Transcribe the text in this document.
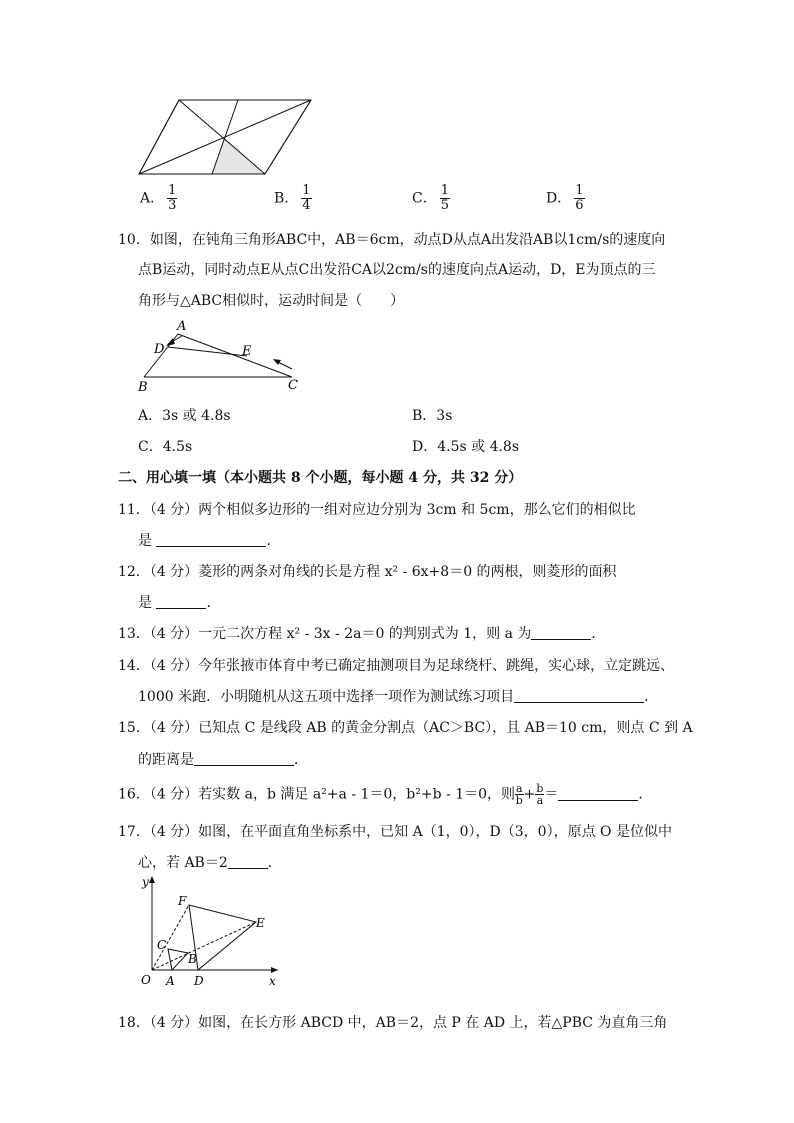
A． $\frac{1}{3}$	B． $\frac{1}{4}$	C． $\frac{1}{5}$	D． $\frac{1}{6}$
10．如图，在钝角三角形ABC中，AB＝6cm，动点D从点A出发沿AB以1cm/s的速度向
点B运动，同时动点E从点C出发沿CA以2cm/s的速度向点A运动，D，E为顶点的三
角形与△ABC相似时，运动时间是（　　）
A
D	E
B	C
A．3s 或 4.8s	B．3s
C．4.5s	D．4.5s 或 4.8s
二、用心填一填（本小题共 8 个小题，每小题 4 分，共 32 分）
11．（4 分）两个相似多边形的一组对应边分别为 3cm 和 5cm，那么它们的相似比
是	．
12．（4 分）菱形的两条对角线的长是方程 x² - 6x+8＝0 的两根，则菱形的面积
是	．
13．（4 分）一元二次方程 x² - 3x - 2a＝0 的判别式为 1，则 a 为	．
14．（4 分）今年张掖市体育中考已确定抽测项目为足球绕杆、跳绳，实心球，立定跳远、
1000 米跑．小明随机从这五项中选择一项作为测试练习项目	．
15．（4 分）已知点 C 是线段 AB 的黄金分割点（AC＞BC），且 AB＝10 cm，则点 C 到 A
的距离是	．
16．（4 分）若实数 a，b 满足 a²+a - 1＝0，b²+b - 1＝0，则 $\frac{a}{b} + \frac{b}{a}$ ＝	．
17．（4 分）如图，在平面直角坐标系中，已知 A（1，0），D（3，0），原点 O 是位似中
心，若 AB＝2	．
y
x
O A D
B
C
E
F
18．（4 分）如图，在长方形 ABCD 中，AB＝2，点 P 在 AD 上，若△PBC 为直角三角
